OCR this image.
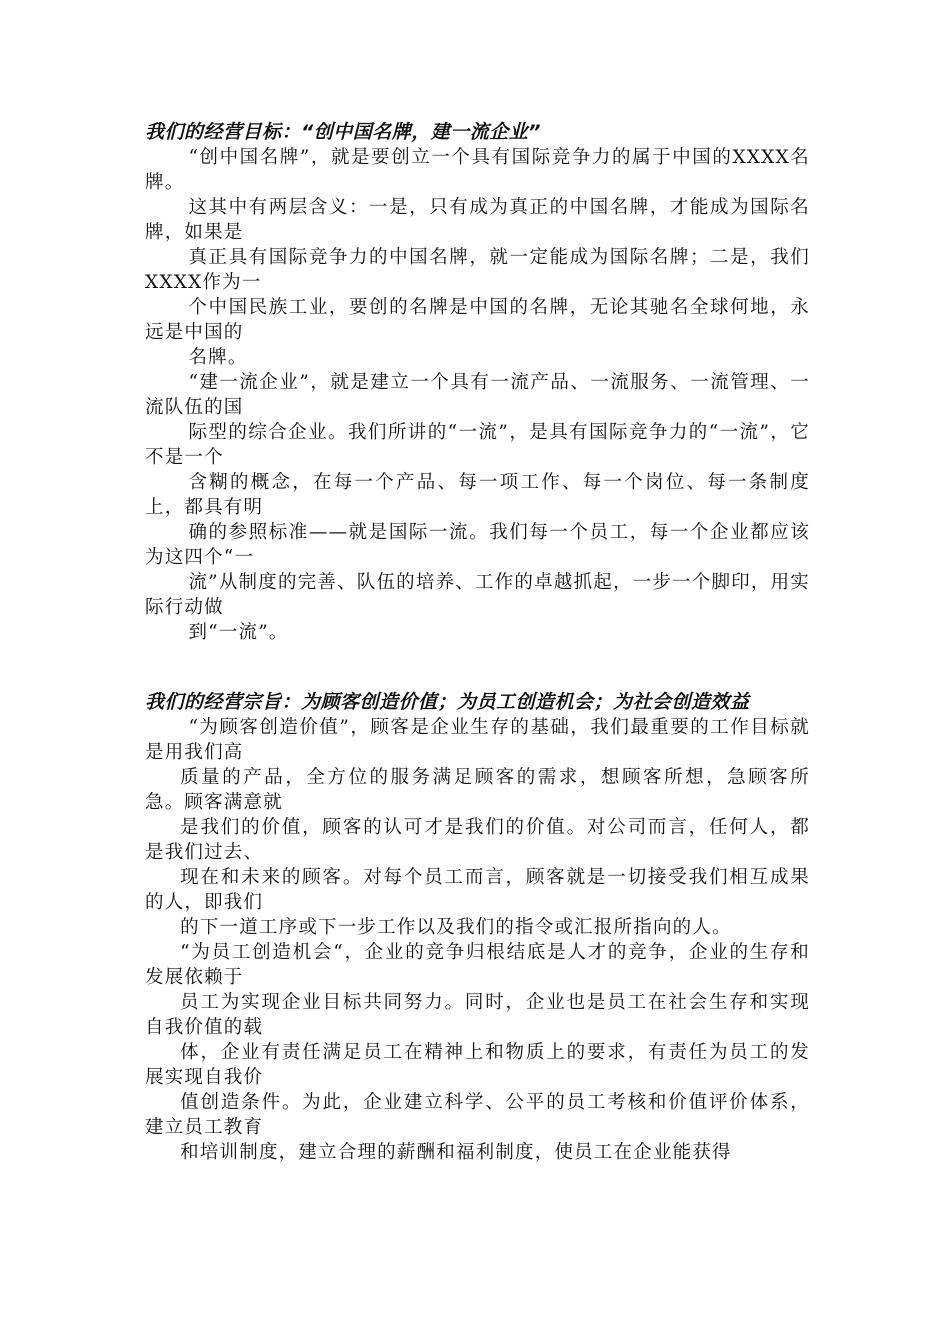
我们的经营目标：“创中国名牌，建一流企业”

“创中国名牌”，就是要创立一个具有国际竞争力的属于中国的XXXX名牌。

这其中有两层含义：一是，只有成为真正的中国名牌，才能成为国际名牌，如果是

真正具有国际竞争力的中国名牌，就一定能成为国际名牌；二是，我们XXXX作为一

个中国民族工业，要创的名牌是中国的名牌，无论其驰名全球何地，永远是中国的

名牌。

“建一流企业”，就是建立一个具有一流产品、一流服务、一流管理、一流队伍的国

际型的综合企业。我们所讲的“一流”，是具有国际竞争力的“一流”，它不是一个

含糊的概念，在每一个产品、每一项工作、每一个岗位、每一条制度上，都具有明

确的参照标准——就是国际一流。我们每一个员工，每一个企业都应该为这四个“一

流”从制度的完善、队伍的培养、工作的卓越抓起，一步一个脚印，用实际行动做

到“一流”。

我们的经营宗旨：为顾客创造价值；为员工创造机会；为社会创造效益

“为顾客创造价值”，顾客是企业生存的基础，我们最重要的工作目标就是用我们高

质量的产品，全方位的服务满足顾客的需求，想顾客所想，急顾客所急。顾客满意就

是我们的价值，顾客的认可才是我们的价值。对公司而言，任何人，都是我们过去、

现在和未来的顾客。对每个员工而言，顾客就是一切接受我们相互成果的人，即我们

的下一道工序或下一步工作以及我们的指令或汇报所指向的人。

“为员工创造机会“，企业的竞争归根结底是人才的竞争，企业的生存和发展依赖于

员工为实现企业目标共同努力。同时，企业也是员工在社会生存和实现自我价值的载

体，企业有责任满足员工在精神上和物质上的要求，有责任为员工的发展实现自我价

值创造条件。为此，企业建立科学、公平的员工考核和价值评价体系，建立员工教育

和培训制度，建立合理的薪酬和福利制度，使员工在企业能获得
